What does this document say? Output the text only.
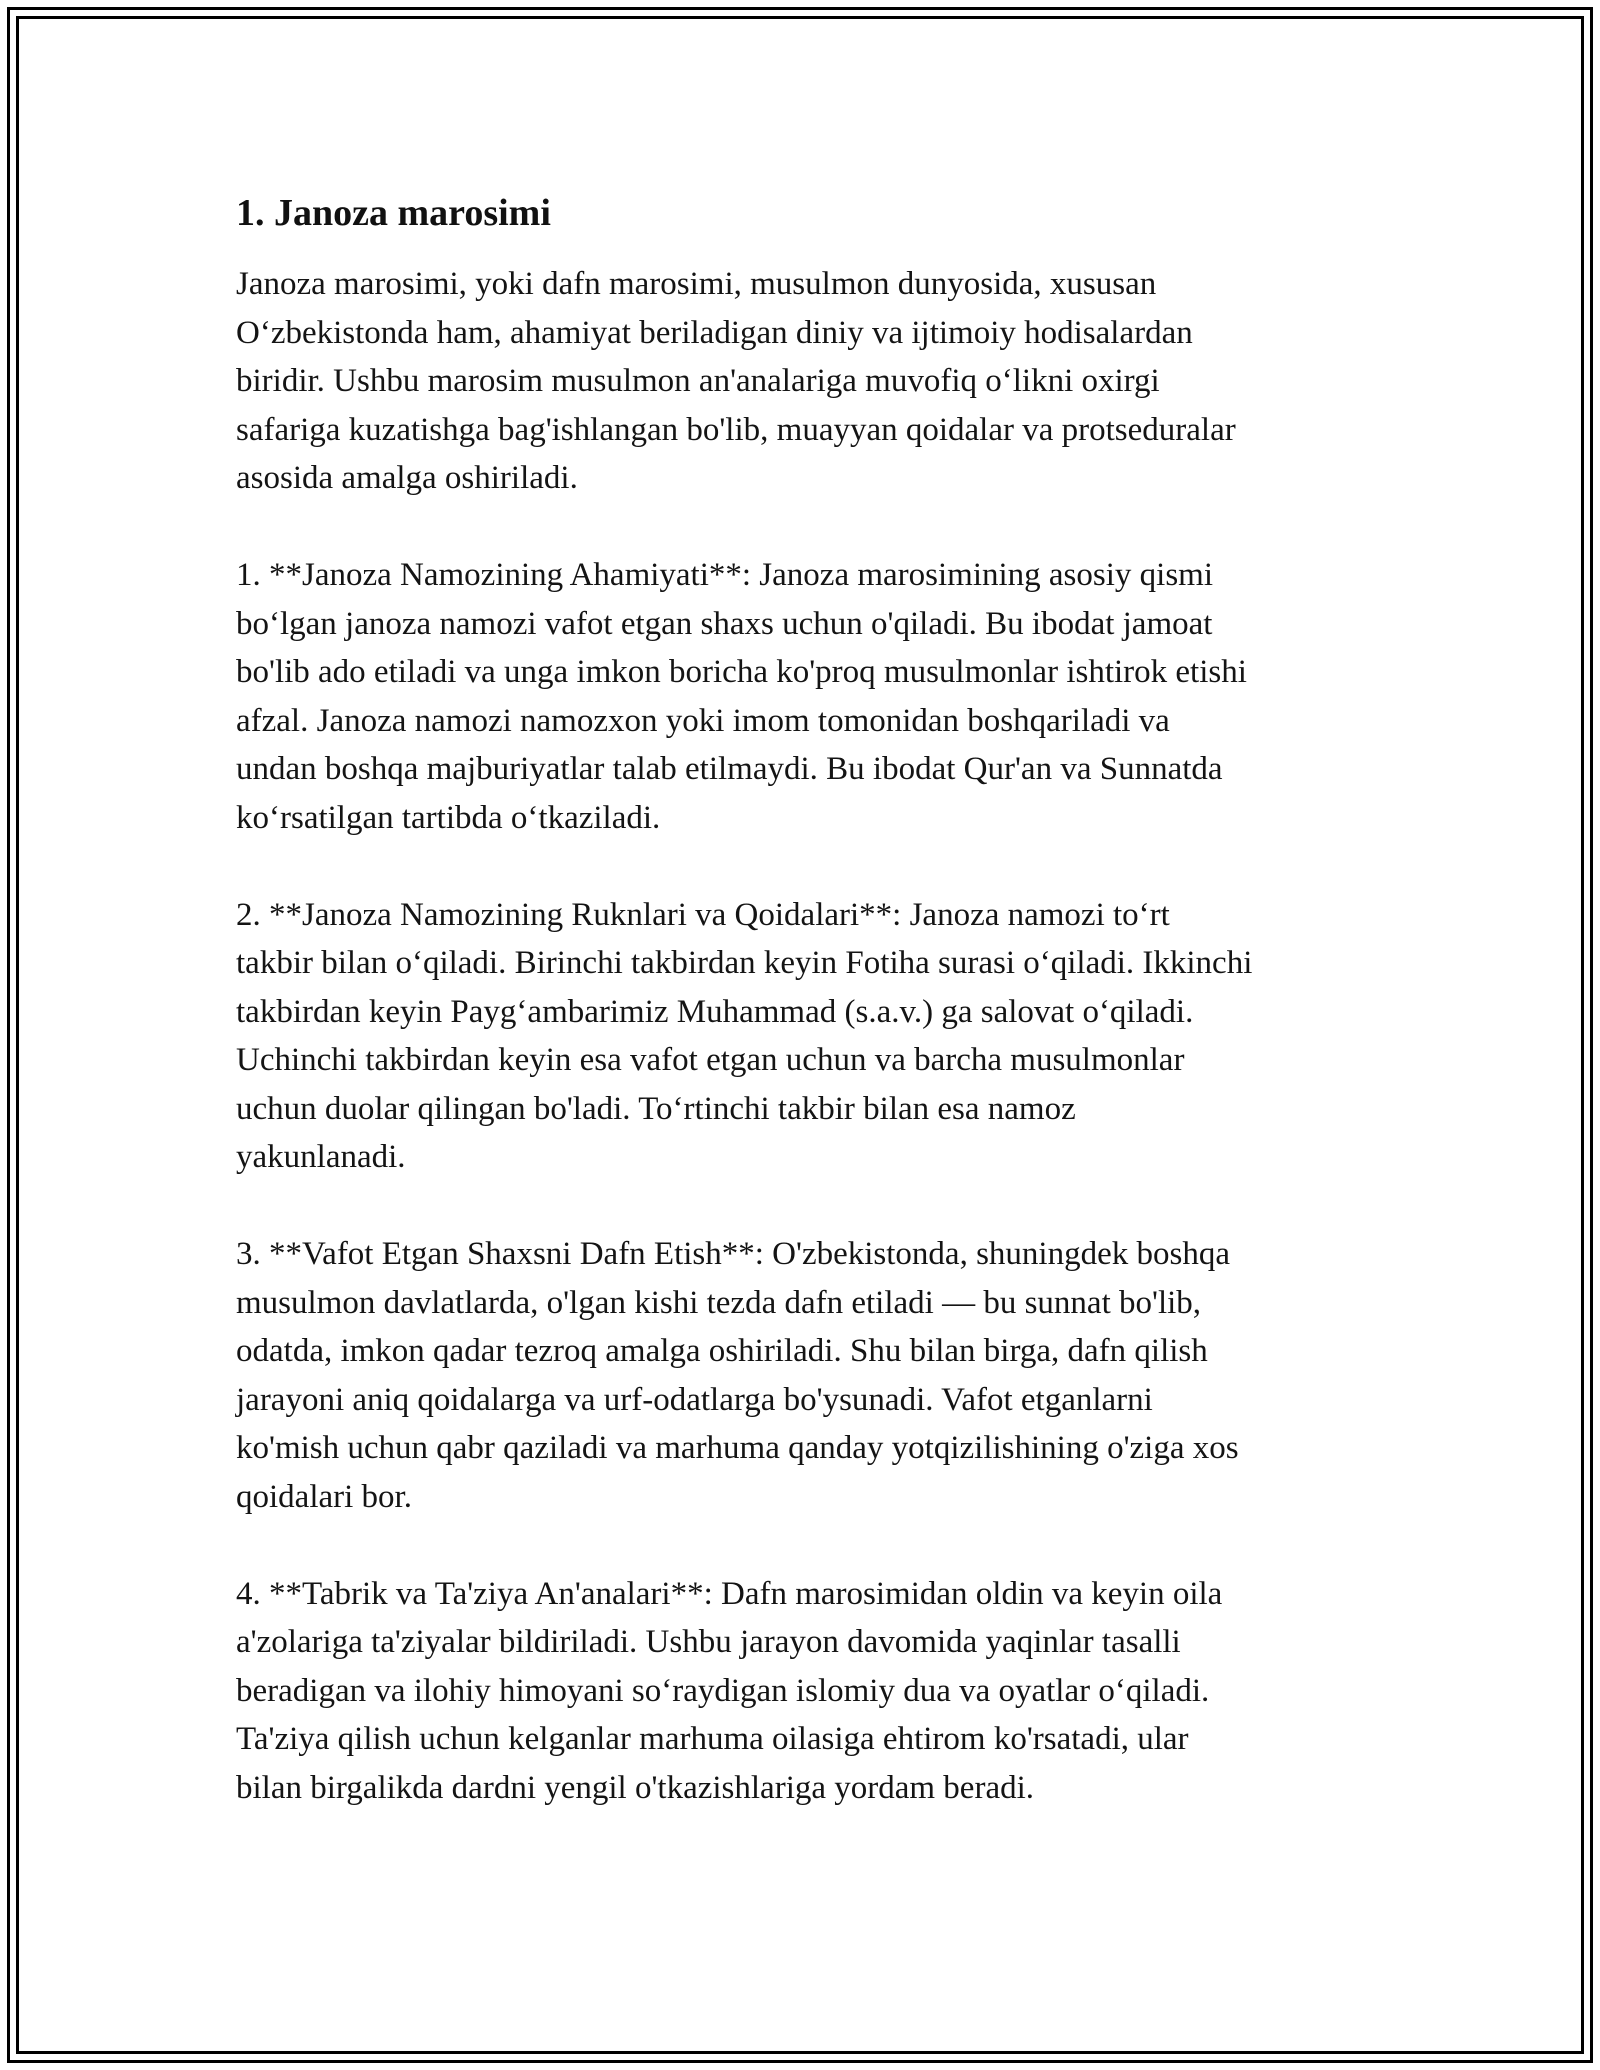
1. Janoza marosimi

Janoza marosimi, yoki dafn marosimi, musulmon dunyosida, xususan
O‘zbekistonda ham, ahamiyat beriladigan diniy va ijtimoiy hodisalardan
biridir. Ushbu marosim musulmon an'analariga muvofiq o‘likni oxirgi
safariga kuzatishga bag'ishlangan bo'lib, muayyan qoidalar va protseduralar
asosida amalga oshiriladi.

1. **Janoza Namozining Ahamiyati**: Janoza marosimining asosiy qismi
bo‘lgan janoza namozi vafot etgan shaxs uchun o'qiladi. Bu ibodat jamoat
bo'lib ado etiladi va unga imkon boricha ko'proq musulmonlar ishtirok etishi
afzal. Janoza namozi namozxon yoki imom tomonidan boshqariladi va
undan boshqa majburiyatlar talab etilmaydi. Bu ibodat Qur'an va Sunnatda
ko‘rsatilgan tartibda o‘tkaziladi.

2. **Janoza Namozining Ruknlari va Qoidalari**: Janoza namozi to‘rt
takbir bilan o‘qiladi. Birinchi takbirdan keyin Fotiha surasi o‘qiladi. Ikkinchi
takbirdan keyin Payg‘ambarimiz Muhammad (s.a.v.) ga salovat o‘qiladi.
Uchinchi takbirdan keyin esa vafot etgan uchun va barcha musulmonlar
uchun duolar qilingan bo'ladi. To‘rtinchi takbir bilan esa namoz
yakunlanadi.

3. **Vafot Etgan Shaxsni Dafn Etish**: O'zbekistonda, shuningdek boshqa
musulmon davlatlarda, o'lgan kishi tezda dafn etiladi — bu sunnat bo'lib,
odatda, imkon qadar tezroq amalga oshiriladi. Shu bilan birga, dafn qilish
jarayoni aniq qoidalarga va urf-odatlarga bo'ysunadi. Vafot etganlarni
ko'mish uchun qabr qaziladi va marhuma qanday yotqizilishining o'ziga xos
qoidalari bor.

4. **Tabrik va Ta'ziya An'analari**: Dafn marosimidan oldin va keyin oila
a'zolariga ta'ziyalar bildiriladi. Ushbu jarayon davomida yaqinlar tasalli
beradigan va ilohiy himoyani so‘raydigan islomiy dua va oyatlar o‘qiladi.
Ta'ziya qilish uchun kelganlar marhuma oilasiga ehtirom ko'rsatadi, ular
bilan birgalikda dardni yengil o'tkazishlariga yordam beradi.
